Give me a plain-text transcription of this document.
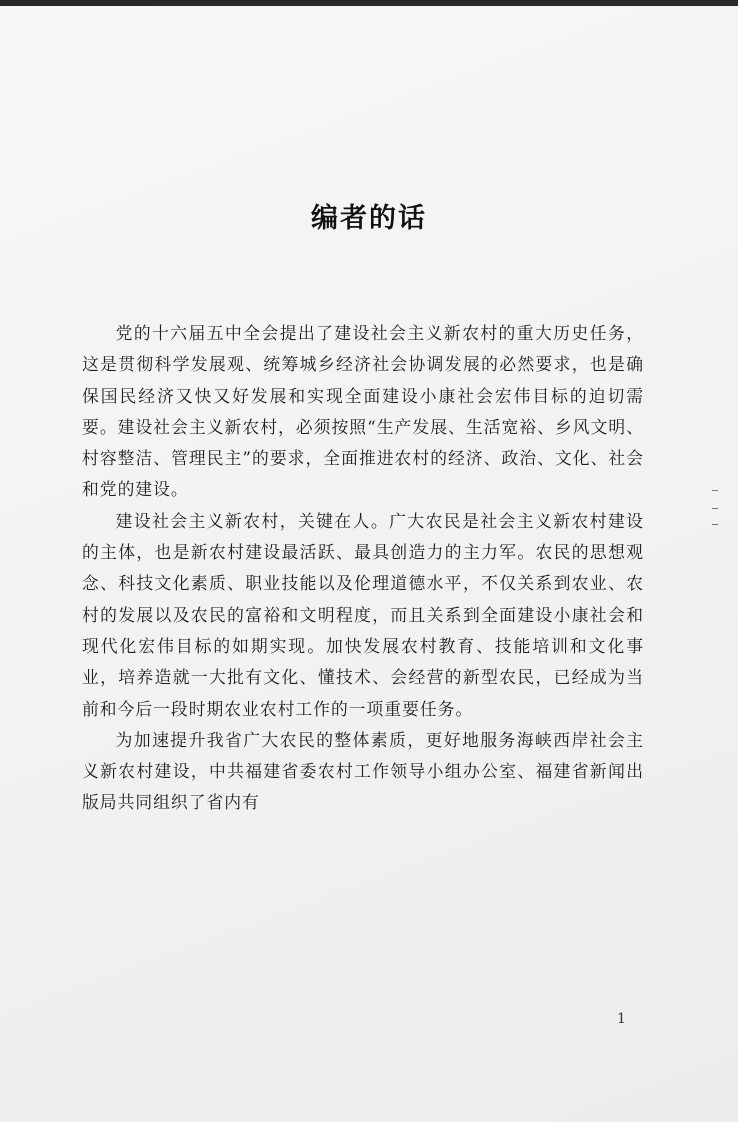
编者的话

党的十六届五中全会提出了建设社会主义新农村的重大历史任务，这是贯彻科学发展观、统筹城乡经济社会协调发展的必然要求，也是确保国民经济又快又好发展和实现全面建设小康社会宏伟目标的迫切需要。建设社会主义新农村，必须按照“生产发展、生活宽裕、乡风文明、村容整洁、管理民主”的要求，全面推进农村的经济、政治、文化、社会和党的建设。

建设社会主义新农村，关键在人。广大农民是社会主义新农村建设的主体，也是新农村建设最活跃、最具创造力的主力军。农民的思想观念、科技文化素质、职业技能以及伦理道德水平，不仅关系到农业、农村的发展以及农民的富裕和文明程度，而且关系到全面建设小康社会和现代化宏伟目标的如期实现。加快发展农村教育、技能培训和文化事业，培养造就一大批有文化、懂技术、会经营的新型农民，已经成为当前和今后一段时期农业农村工作的一项重要任务。

为加速提升我省广大农民的整体素质，更好地服务海峡西岸社会主义新农村建设，中共福建省委农村工作领导小组办公室、福建省新闻出版局共同组织了省内有

1
